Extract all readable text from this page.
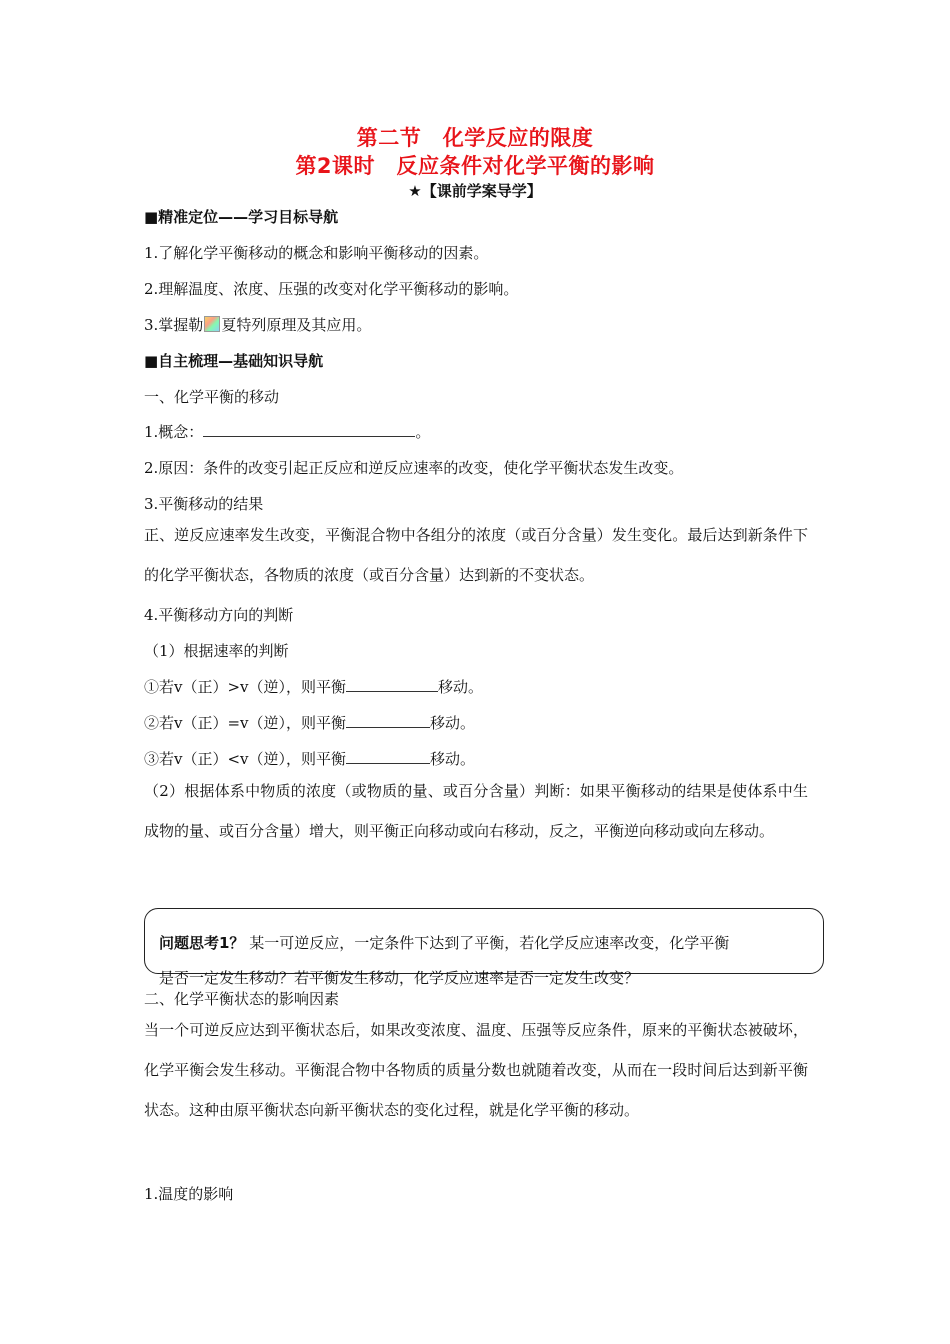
第二节　化学反应的限度
第2课时　反应条件对化学平衡的影响
★【课前学案导学】
■精准定位——学习目标导航
1.了解化学平衡移动的概念和影响平衡移动的因素。
2.理解温度、浓度、压强的改变对化学平衡移动的影响。
3.掌握勒 夏特列原理及其应用。
■自主梳理—基础知识导航
一、化学平衡的移动
1.概念：	。
2.原因：条件的改变引起正反应和逆反应速率的改变，使化学平衡状态发生改变。
3.平衡移动的结果
正、逆反应速率发生改变，平衡混合物中各组分的浓度（或百分含量）发生变化。最后达到新条件下的化学平衡状态，各物质的浓度（或百分含量）达到新的不变状态。
4.平衡移动方向的判断
（1）根据速率的判断
①若v（正）>v（逆），则平衡	移动。
②若v（正）=v（逆），则平衡	移动。
③若v（正）<v（逆），则平衡	移动。
（2）根据体系中物质的浓度（或物质的量、或百分含量）判断：如果平衡移动的结果是使体系中生成物的量、或百分含量）增大，则平衡正向移动或向右移动，反之，平衡逆向移动或向左移动。
问题思考1？ 某一可逆反应，一定条件下达到了平衡，若化学反应速率改变，化学平衡
是否一定发生移动？若平衡发生移动，化学反应速率是否一定发生改变？
二、化学平衡状态的影响因素
当一个可逆反应达到平衡状态后，如果改变浓度、温度、压强等反应条件，原来的平衡状态被破坏，化学平衡会发生移动。平衡混合物中各物质的质量分数也就随着改变，从而在一段时间后达到新平衡状态。这种由原平衡状态向新平衡状态的变化过程，就是化学平衡的移动。
1.温度的影响
